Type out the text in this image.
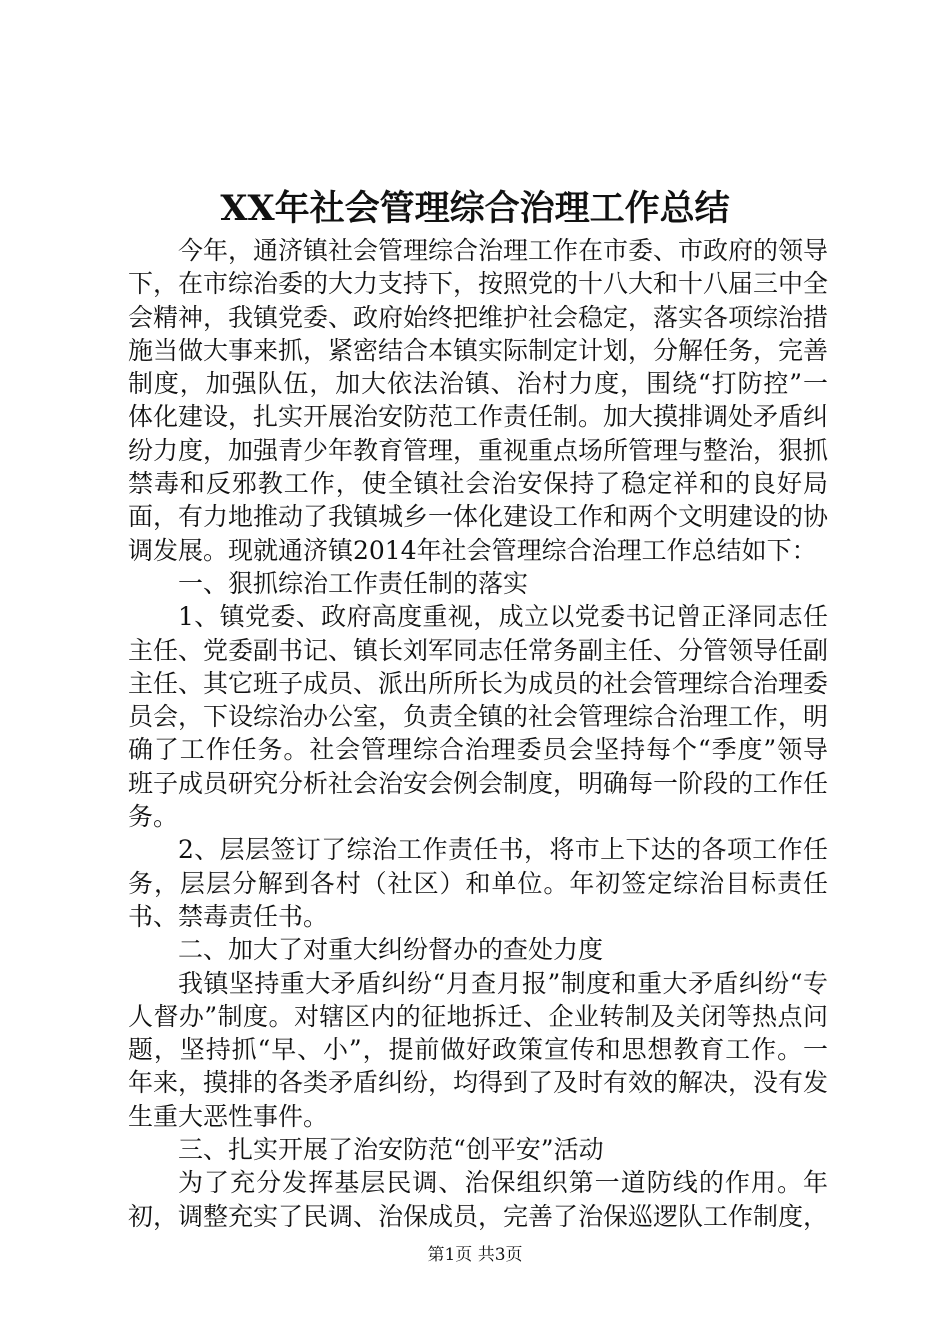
XX年社会管理综合治理工作总结

今年，通济镇社会管理综合治理工作在市委、市政府的领导下，在市综治委的大力支持下，按照党的十八大和十八届三中全会精神，我镇党委、政府始终把维护社会稳定，落实各项综治措施当做大事来抓，紧密结合本镇实际制定计划，分解任务，完善制度，加强队伍，加大依法治镇、治村力度，围绕“打防控”一体化建设，扎实开展治安防范工作责任制。加大摸排调处矛盾纠纷力度，加强青少年教育管理，重视重点场所管理与整治，狠抓禁毒和反邪教工作，使全镇社会治安保持了稳定祥和的良好局面，有力地推动了我镇城乡一体化建设工作和两个文明建设的协调发展。现就通济镇2014年社会管理综合治理工作总结如下：

一、狠抓综治工作责任制的落实

1、镇党委、政府高度重视，成立以党委书记曾正泽同志任主任、党委副书记、镇长刘军同志任常务副主任、分管领导任副主任、其它班子成员、派出所所长为成员的社会管理综合治理委员会，下设综治办公室，负责全镇的社会管理综合治理工作，明确了工作任务。社会管理综合治理委员会坚持每个“季度”领导班子成员研究分析社会治安会例会制度，明确每一阶段的工作任务。

2、层层签订了综治工作责任书，将市上下达的各项工作任务，层层分解到各村（社区）和单位。年初签定综治目标责任书、禁毒责任书。

二、加大了对重大纠纷督办的查处力度

我镇坚持重大矛盾纠纷“月查月报”制度和重大矛盾纠纷“专人督办”制度。对辖区内的征地拆迁、企业转制及关闭等热点问题，坚持抓“早、小”，提前做好政策宣传和思想教育工作。一年来，摸排的各类矛盾纠纷，均得到了及时有效的解决，没有发生重大恶性事件。

三、扎实开展了治安防范“创平安”活动

为了充分发挥基层民调、治保组织第一道防线的作用。年初，调整充实了民调、治保成员，完善了治保巡逻队工作制度，

第1页 共3页
